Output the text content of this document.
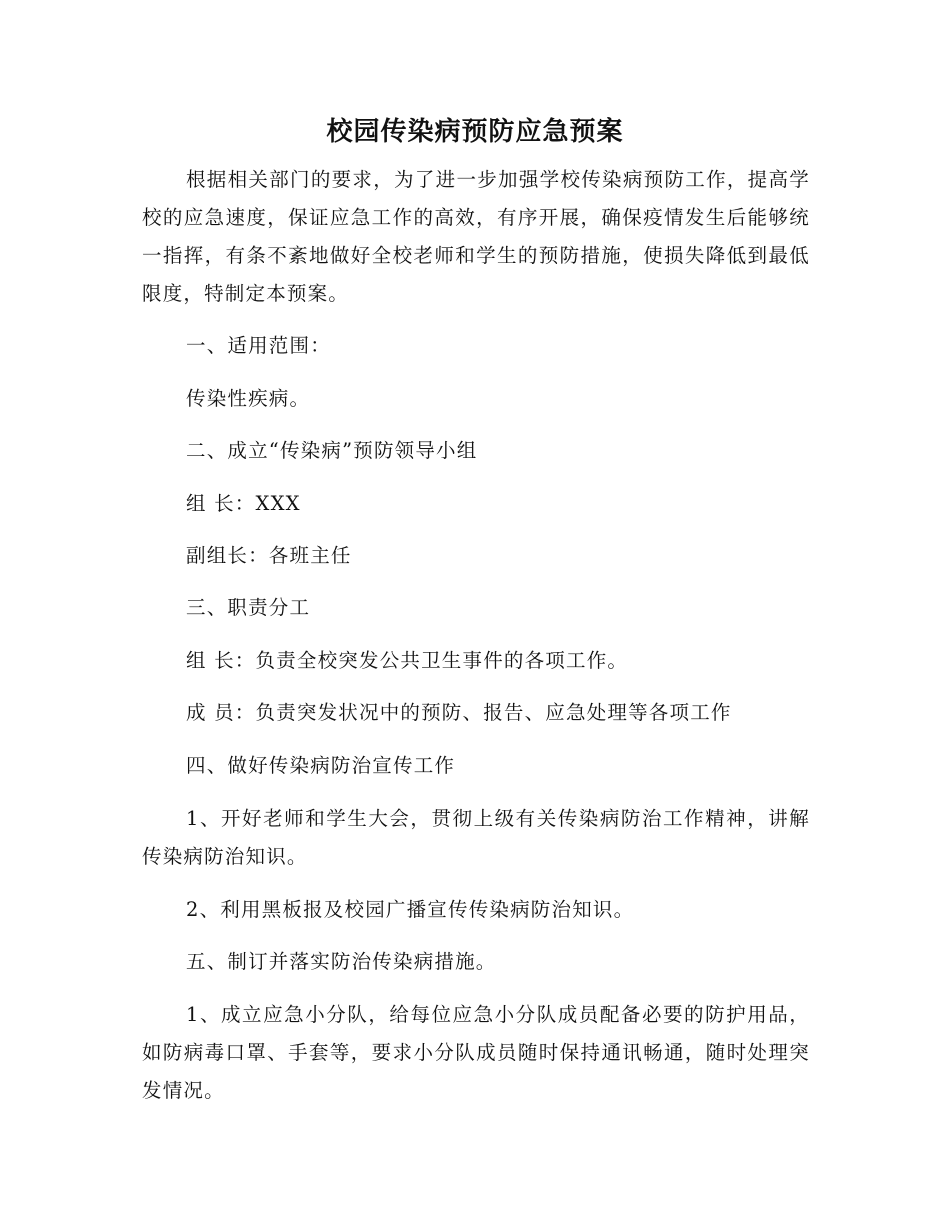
校园传染病预防应急预案

根据相关部门的要求，为了进一步加强学校传染病预防工作，提高学校的应急速度，保证应急工作的高效，有序开展，确保疫情发生后能够统一指挥，有条不紊地做好全校老师和学生的预防措施，使损失降低到最低限度，特制定本预案。

一、适用范围：

传染性疾病。

二、成立“传染病”预防领导小组

组 长：XXX

副组长：各班主任

三、职责分工

组 长：负责全校突发公共卫生事件的各项工作。

成 员：负责突发状况中的预防、报告、应急处理等各项工作

四、做好传染病防治宣传工作

1、开好老师和学生大会，贯彻上级有关传染病防治工作精神，讲解传染病防治知识。

2、利用黑板报及校园广播宣传传染病防治知识。

五、制订并落实防治传染病措施。

1、成立应急小分队，给每位应急小分队成员配备必要的防护用品，如防病毒口罩、手套等，要求小分队成员随时保持通讯畅通，随时处理突发情况。
